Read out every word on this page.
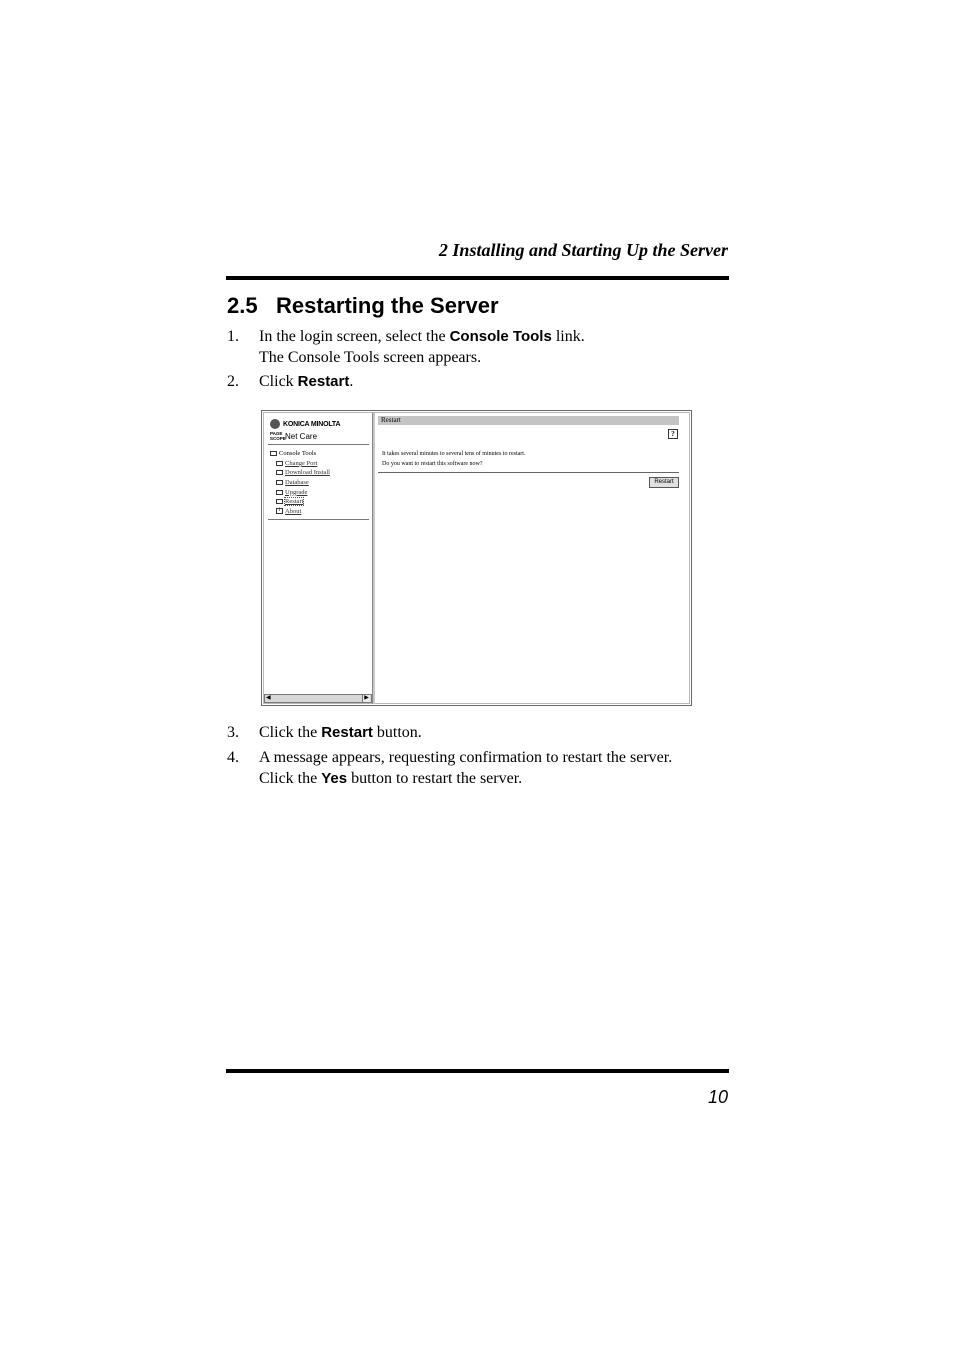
2 Installing and Starting Up the Server
2.5 Restarting the Server
1. In the login screen, select the Console Tools link.
The Console Tools screen appears.
2. Click Restart.
KONICA MINOLTA
PAGE SCOPENet Care
Console Tools
Change Port
Download Install
Database
Upgrade
Restart
i About
◀	▶
Restart
?
It takes several minutes to several tens of minutes to restart.
Do you want to restart this software now?
Restart
3. Click the Restart button.
4. A message appears, requesting confirmation to restart the server.
Click the Yes button to restart the server.
10
